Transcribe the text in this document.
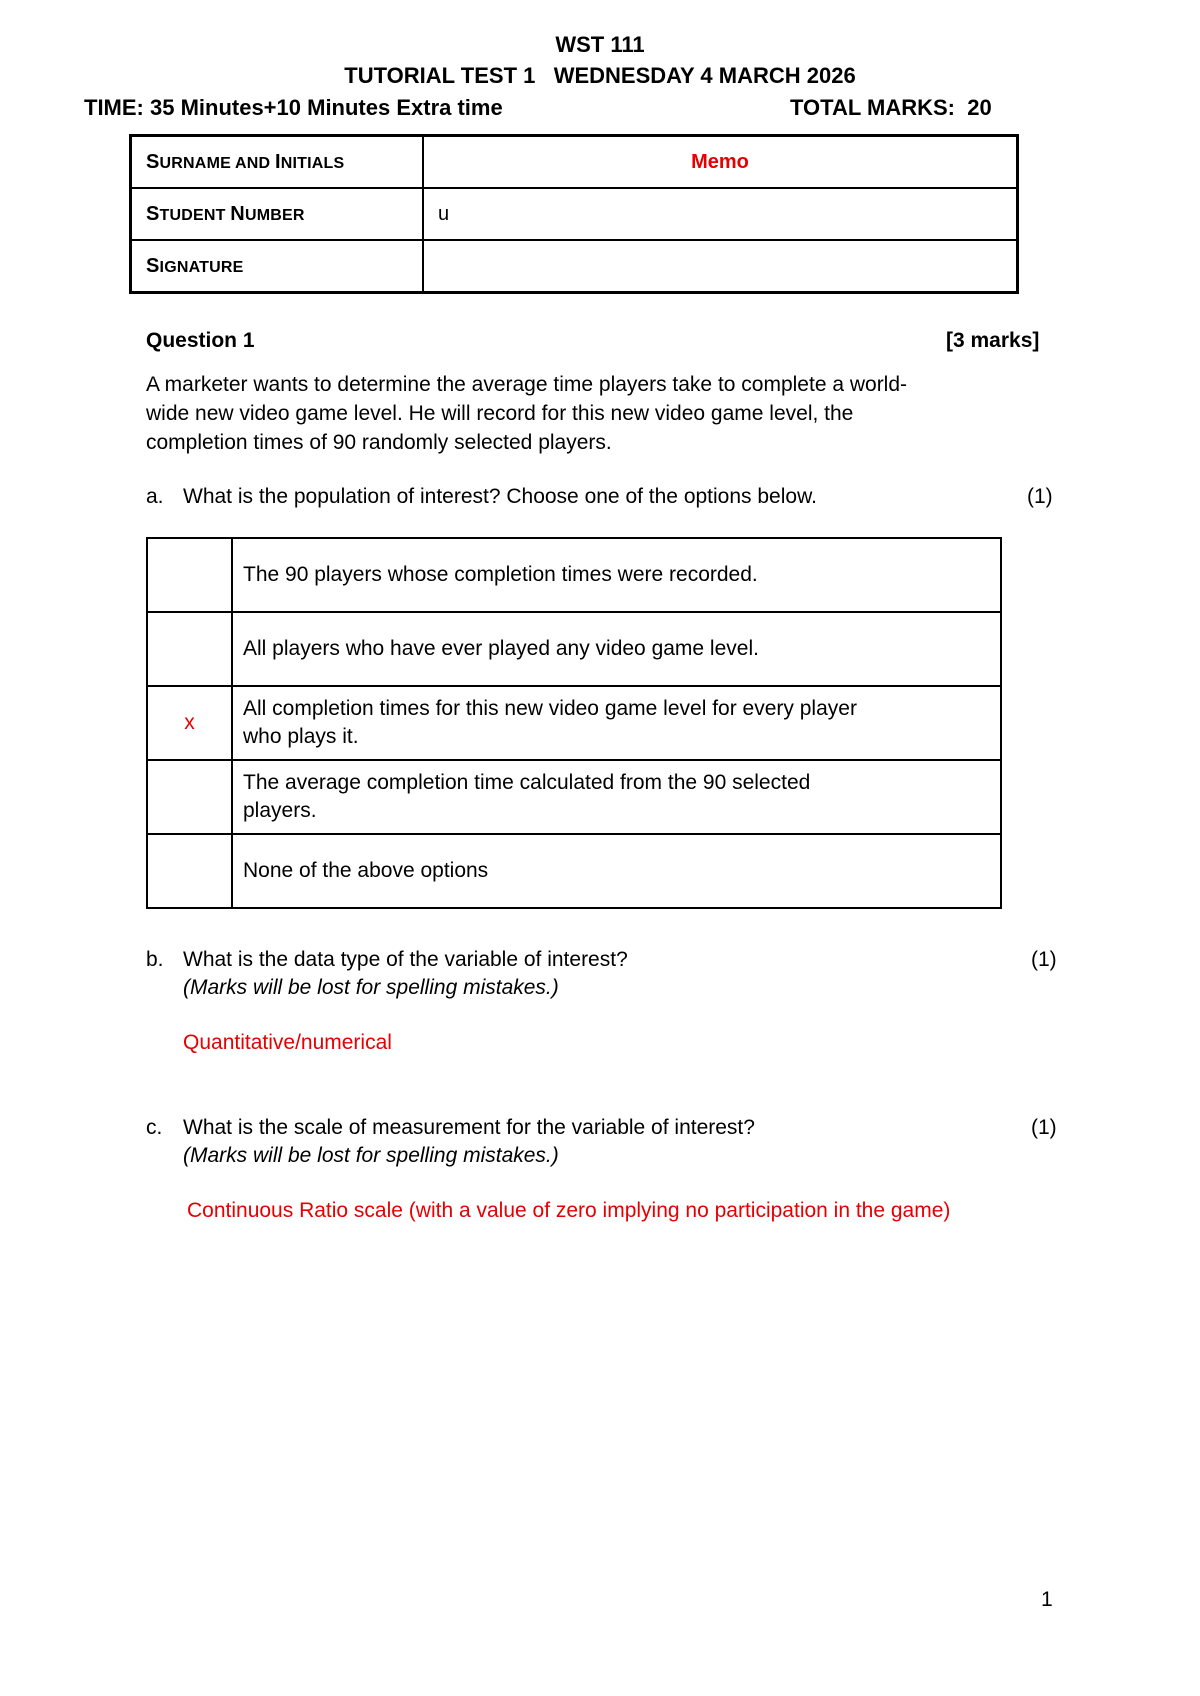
WST 111
TUTORIAL TEST 1   WEDNESDAY 4 MARCH 2026
TIME: 35 Minutes+10 Minutes Extra time	TOTAL MARKS:  20
SURNAME AND INITIALS	Memo
STUDENT NUMBER	u
SIGNATURE	
Question 1	[3 marks]
A marketer wants to determine the average time players take to complete a world-
wide new video game level. He will record for this new video game level, the
completion times of 90 randomly selected players.
a. What is the population of interest? Choose one of the options below.	(1)

	The 90 players whose completion times were recorded.

	All players who have ever played any video game level.

x	All completion times for this new video game level for every player
who plays it.

	The average completion time calculated from the 90 selected
players.

	None of the above options
b. What is the data type of the variable of interest?	(1)
(Marks will be lost for spelling mistakes.)
Quantitative/numerical
c. What is the scale of measurement for the variable of interest?	(1)
(Marks will be lost for spelling mistakes.)
Continuous Ratio scale (with a value of zero implying no participation in the game)
1
